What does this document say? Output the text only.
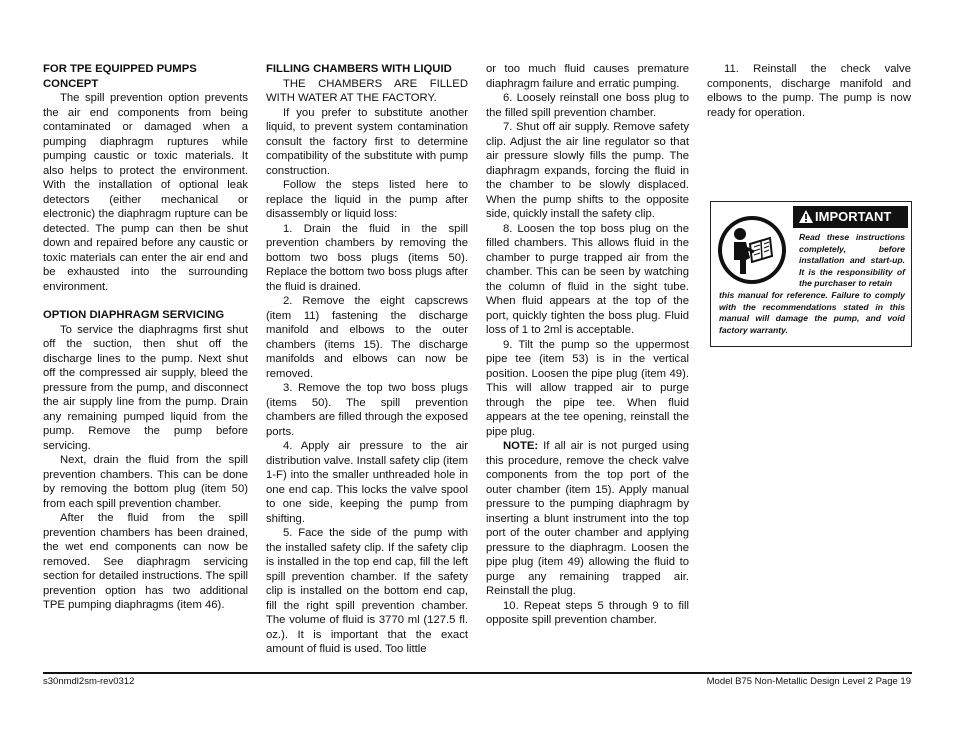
FOR TPE EQUIPPED PUMPS CONCEPT

The spill prevention option prevents the air end components from being contaminated or damaged when a pumping diaphragm ruptures while pumping caustic or toxic materials. It also helps to protect the environment. With the installation of optional leak detectors (either mechanical or electronic) the diaphragm rupture can be detected. The pump can then be shut down and repaired before any caustic or toxic materials can enter the air end and be exhausted into the surrounding environment.

OPTION DIAPHRAGM SERVICING

To service the diaphragms first shut off the suction, then shut off the discharge lines to the pump. Next shut off the compressed air supply, bleed the pressure from the pump, and disconnect the air supply line from the pump. Drain any remaining pumped liquid from the pump. Remove the pump before servicing.

Next, drain the fluid from the spill prevention chambers. This can be done by removing the bottom plug (item 50) from each spill prevention chamber.

After the fluid from the spill prevention chambers has been drained, the wet end components can now be removed. See diaphragm servicing section for detailed instructions. The spill prevention option has two additional TPE pumping diaphragms (item 46).

FILLING CHAMBERS WITH LIQUID

THE CHAMBERS ARE FILLED WITH WATER AT THE FACTORY.

If you prefer to substitute another liquid, to prevent system contamination consult the factory first to determine compatibility of the substitute with pump construction.

Follow the steps listed here to replace the liquid in the pump after disassembly or liquid loss:

1. Drain the fluid in the spill prevention chambers by removing the bottom two boss plugs (items 50). Replace the bottom two boss plugs after the fluid is drained.

2. Remove the eight capscrews (item 11) fastening the discharge manifold and elbows to the outer chambers (items 15). The discharge manifolds and elbows can now be removed.

3. Remove the top two boss plugs (items 50). The spill prevention chambers are filled through the exposed ports.

4. Apply air pressure to the air distribution valve. Install safety clip (item 1-F) into the smaller unthreaded hole in one end cap. This locks the valve spool to one side, keeping the pump from shifting.

5. Face the side of the pump with the installed safety clip. If the safety clip is installed in the top end cap, fill the left spill prevention chamber. If the safety clip is installed on the bottom end cap, fill the right spill prevention chamber. The volume of fluid is 3770 ml (127.5 fl. oz.). It is important that the exact amount of fluid is used. Too little

or too much fluid causes premature diaphragm failure and erratic pumping.

6. Loosely reinstall one boss plug to the filled spill prevention chamber.

7. Shut off air supply. Remove safety clip. Adjust the air line regulator so that air pressure slowly fills the pump. The diaphragm expands, forcing the fluid in the chamber to be slowly displaced. When the pump shifts to the opposite side, quickly install the safety clip.

8. Loosen the top boss plug on the filled chambers. This allows fluid in the chamber to purge trapped air from the chamber. This can be seen by watching the column of fluid in the sight tube. When fluid appears at the top of the port, quickly tighten the boss plug. Fluid loss of 1 to 2ml is acceptable.

9. Tilt the pump so the uppermost pipe tee (item 53) is in the vertical position. Loosen the pipe plug (item 49). This will allow trapped air to purge through the pipe tee. When fluid appears at the tee opening, reinstall the pipe plug.

NOTE: If all air is not purged using this procedure, remove the check valve components from the top port of the outer chamber (item 15). Apply manual pressure to the pumping diaphragm by inserting a blunt instrument into the top port of the outer chamber and applying pressure to the diaphragm. Loosen the pipe plug (item 49) allowing the fluid to purge any remaining trapped air. Reinstall the plug.

10. Repeat steps 5 through 9 to fill opposite spill prevention chamber.

11. Reinstall the check valve components, discharge manifold and elbows to the pump. The pump is now ready for operation.

IMPORTANT
Read these instructions completely, before installation and start-up. It is the responsibility of the purchaser to retain
this manual for reference. Failure to comply with the recommendations stated in this manual will damage the pump, and void factory warranty.
s30nmdl2sm-rev0312	Model B75 Non-Metallic Design Level 2 Page 19
